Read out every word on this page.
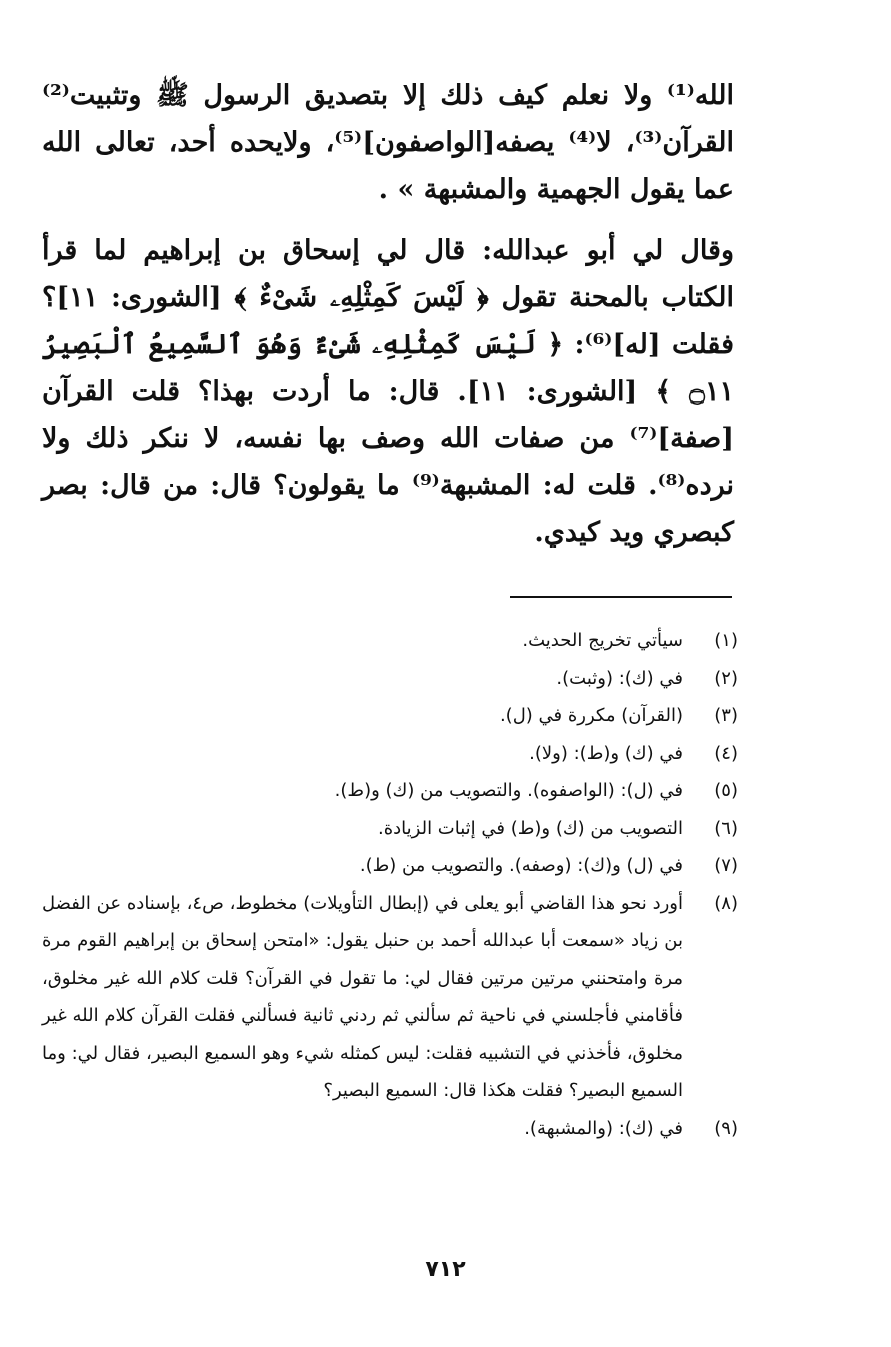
الله⁽¹⁾ ولا نعلم كيف ذلك إلا بتصديق الرسول ﷺ وتثبيت⁽²⁾ القرآن⁽³⁾، لا⁽⁴⁾ يصفه[الواصفون]⁽⁵⁾، ولايحده أحد، تعالى الله عما يقول الجهمية والمشبهة » .

وقال لي أبو عبدالله: قال لي إسحاق بن إبراهيم لما قرأ الكتاب بالمحنة تقول ﴿ لَيْسَ كَمِثْلِهِۦ شَىْءٌ ﴾ [الشورى: ١١]؟ فقلت [له]⁽⁶⁾: ﴿ لَيْسَ كَمِثْلِهِۦ شَىْءٌ وَهُوَ ٱلسَّمِيعُ ٱلْبَصِيرُ ۝١١ ﴾ [الشورى: ١١]. قال: ما أردت بهذا؟ قلت القرآن [صفة]⁽⁷⁾ من صفات الله وصف بها نفسه، لا ننكر ذلك ولا نرده⁽⁸⁾. قلت له: المشبهة⁽⁹⁾ ما يقولون؟ قال: من قال: بصر كبصري ويد كيدي.

(١)
سيأتي تخريج الحديث.
(٢)
في (ك): (وثبت).
(٣)
(القرآن) مكررة في (ل).
(٤)
في (ك) و(ط): (ولا).
(٥)
في (ل): (الواصفوه). والتصويب من (ك) و(ط).
(٦)
التصويب من (ك) و(ط) في إثبات الزيادة.
(٧)
في (ل) و(ك): (وصفه). والتصويب من (ط).
(٨)
أورد نحو هذا القاضي أبو يعلى في (إبطال التأويلات) مخطوط، ص٤، بإسناده عن الفضل بن زياد «سمعت أبا عبدالله أحمد بن حنبل يقول: «امتحن إسحاق بن إبراهيم القوم مرة مرة وامتحنني مرتين مرتين فقال لي: ما تقول في القرآن؟ قلت كلام الله غير مخلوق، فأقامني فأجلسني في ناحية ثم سألني ثم ردني ثانية فسألني فقلت القرآن كلام الله غير مخلوق، فأخذني في التشبيه فقلت: ليس كمثله شيء وهو السميع البصير، فقال لي: وما السميع البصير؟ فقلت هكذا قال: السميع البصير؟
(٩)
في (ك): (والمشبهة).
٧١٢
